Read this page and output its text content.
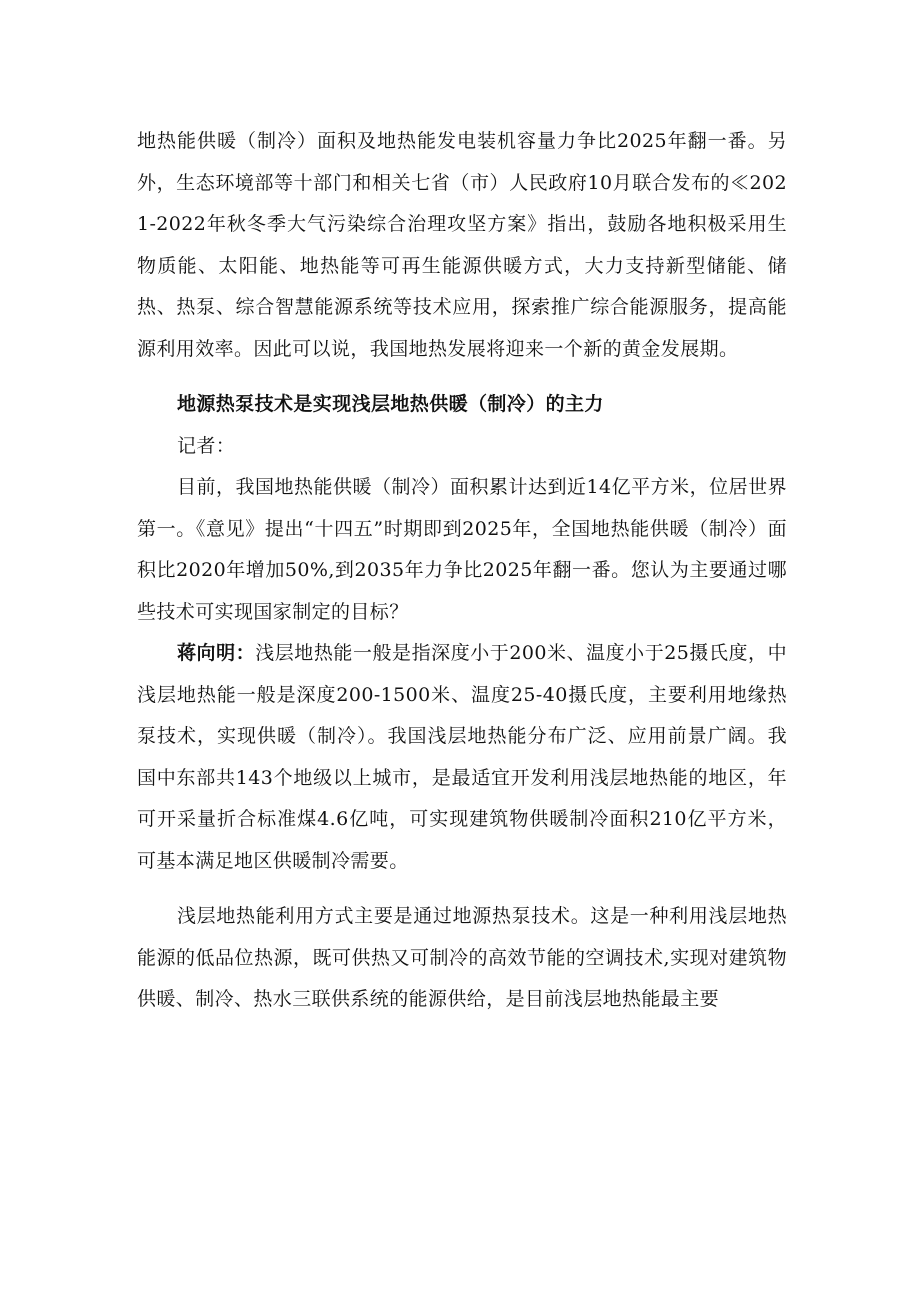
地热能供暖（制冷）面积及地热能发电装机容量力争比2025年翻一番。另外，生态环境部等十部门和相关七省（市）人民政府10月联合发布的≪2021-2022年秋冬季大气污染综合治理攻坚方案》指出，鼓励各地积极采用生物质能、太阳能、地热能等可再生能源供暖方式，大力支持新型储能、储热、热泵、综合智慧能源系统等技术应用，探索推广综合能源服务，提高能源利用效率。因此可以说，我国地热发展将迎来一个新的黄金发展期。

地源热泵技术是实现浅层地热供暖（制冷）的主力

记者：

目前，我国地热能供暖（制冷）面积累计达到近14亿平方米，位居世界第一。《意见》提出“十四五”时期即到2025年，全国地热能供暖（制冷）面积比2020年增加50%,到2035年力争比2025年翻一番。您认为主要通过哪些技术可实现国家制定的目标？

蒋向明：浅层地热能一般是指深度小于200米、温度小于25摄氏度，中浅层地热能一般是深度200-1500米、温度25-40摄氏度，主要利用地缘热泵技术，实现供暖（制冷）。我国浅层地热能分布广泛、应用前景广阔。我国中东部共143个地级以上城市，是最适宜开发利用浅层地热能的地区，年可开采量折合标准煤4.6亿吨，可实现建筑物供暖制冷面积210亿平方米，可基本满足地区供暖制冷需要。

浅层地热能利用方式主要是通过地源热泵技术。这是一种利用浅层地热能源的低品位热源，既可供热又可制冷的高效节能的空调技术,实现对建筑物供暖、制冷、热水三联供系统的能源供给，是目前浅层地热能最主要
